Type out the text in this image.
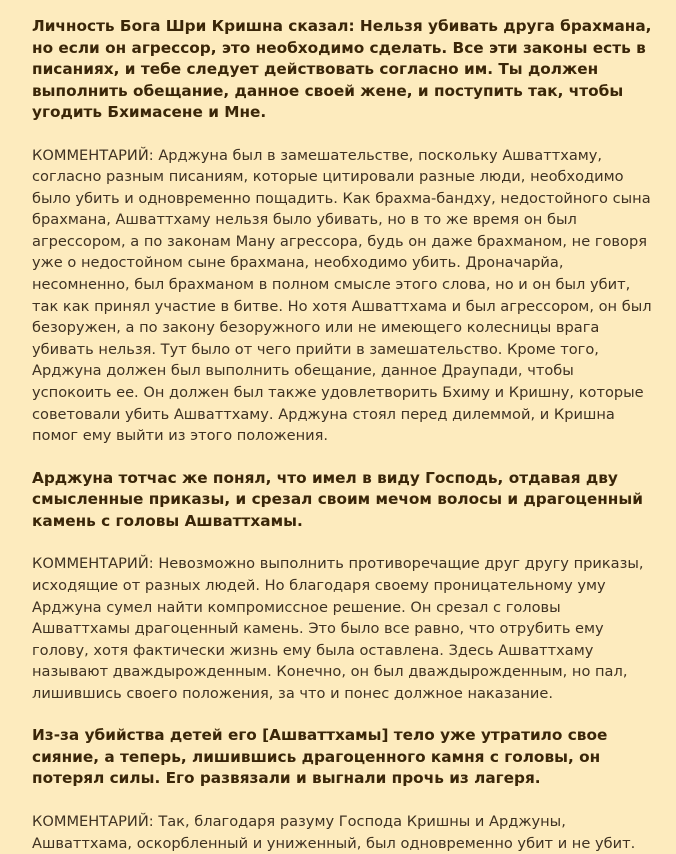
Личность Бога Шри Кришна сказал: Нельзя убивать друга брахмана, но если он агрессор, это необходимо сделать. Все эти законы есть в писаниях, и тебе следует действовать согласно им. Ты должен выполнить обещание, данное своей жене, и поступить так, чтобы угодить Бхимасене и Мне.

КОММЕНТАРИЙ: Арджуна был в замешательстве, поскольку Ашваттхаму, согласно разным писаниям, которые цитировали разные люди, необходимо было убить и одновременно пощадить. Как брахма-бандху, недостойного сына брахмана, Ашваттхаму нельзя было убивать, но в то же время он был агрессором, а по законам Ману агрессора, будь он даже брахманом, не говоря уже о недостойном сыне брахмана, необходимо убить. Дроначарйа, несомненно, был брахманом в полном смысле этого слова, но и он был убит, так как принял участие в битве. Но хотя Ашваттхама и был агрессором, он был безоружен, а по закону безоружного или не имеющего колесницы врага убивать нельзя. Тут было от чего прийти в замешательство. Кроме того, Арджуна должен был выполнить обещание, данное Драупади, чтобы успокоить ее. Он должен был также удовлетворить Бхиму и Кришну, которые советовали убить Ашваттхаму. Арджуна стоял перед дилеммой, и Кришна помог ему выйти из этого положения.

Арджуна тотчас же понял, что имел в виду Господь, отдавая дву смысленные приказы, и срезал своим мечом волосы и драгоценный камень с головы Ашваттхамы.

КОММЕНТАРИЙ: Невозможно выполнить противоречащие друг другу приказы, исходящие от разных людей. Но благодаря своему проницательному уму Арджуна сумел найти компромиссное решение. Он срезал с головы Ашваттхамы драгоценный камень. Это было все равно, что отрубить ему голову, хотя фактически жизнь ему была оставлена. Здесь Ашваттхаму называют дваждырожденным. Конечно, он был дваждырожденным, но пал, лишившись своего положения, за что и понес должное наказание.

Из-за убийства детей его [Ашваттхамы] тело уже утратило свое сияние, а теперь, лишившись драгоценного камня с головы, он потерял силы. Его развязали и выгнали прочь из лагеря.

КОММЕНТАРИЙ: Так, благодаря разуму Господа Кришны и Арджуны, Ашваттхама, оскорбленный и униженный, был одновременно убит и не убит.
